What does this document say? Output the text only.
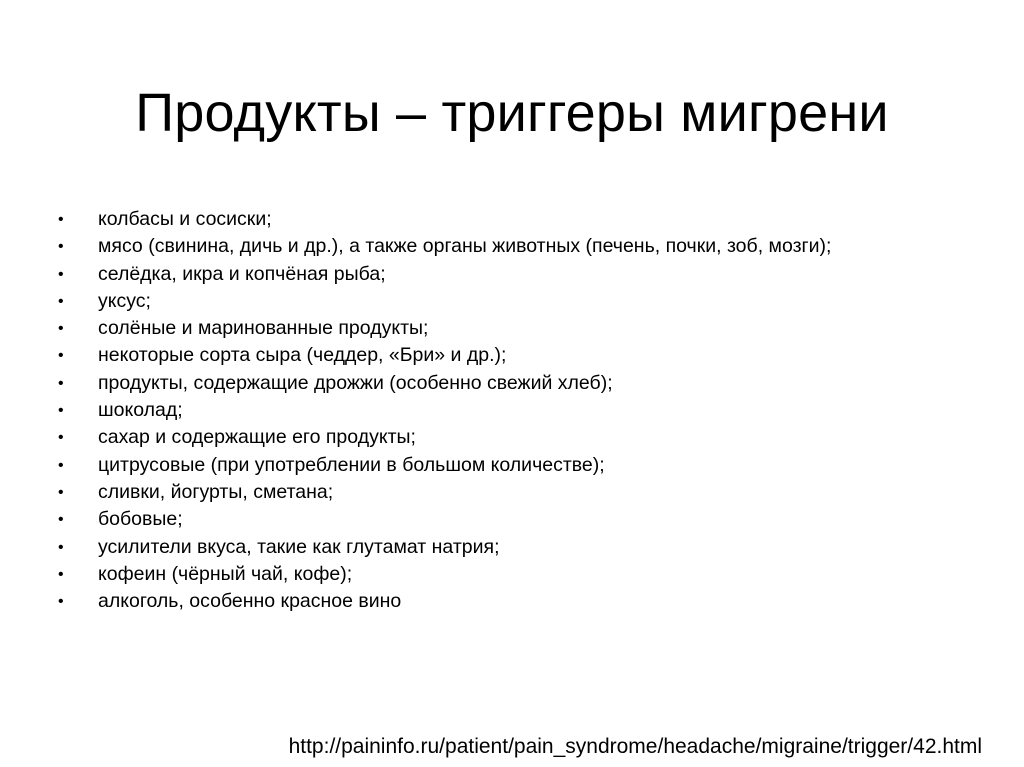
Продукты – триггеры мигрени
•	колбасы и сосиски;
•	мясо (свинина, дичь и др.), а также органы животных (печень, почки, зоб, мозги);
•	селёдка, икра и копчёная рыба;
•	уксус;
•	солёные и маринованные продукты;
•	некоторые сорта сыра (чеддер, «Бри» и др.);
•	продукты, содержащие дрожжи (особенно свежий хлеб);
•	шоколад;
•	сахар и содержащие его продукты;
•	цитрусовые (при употреблении в большом количестве);
•	сливки, йогурты, сметана;
•	бобовые;
•	усилители вкуса, такие как глутамат натрия;
•	кофеин (чёрный чай, кофе);
•	алкоголь, особенно красное вино
http://paininfo.ru/patient/pain_syndrome/headache/migraine/trigger/42.html
